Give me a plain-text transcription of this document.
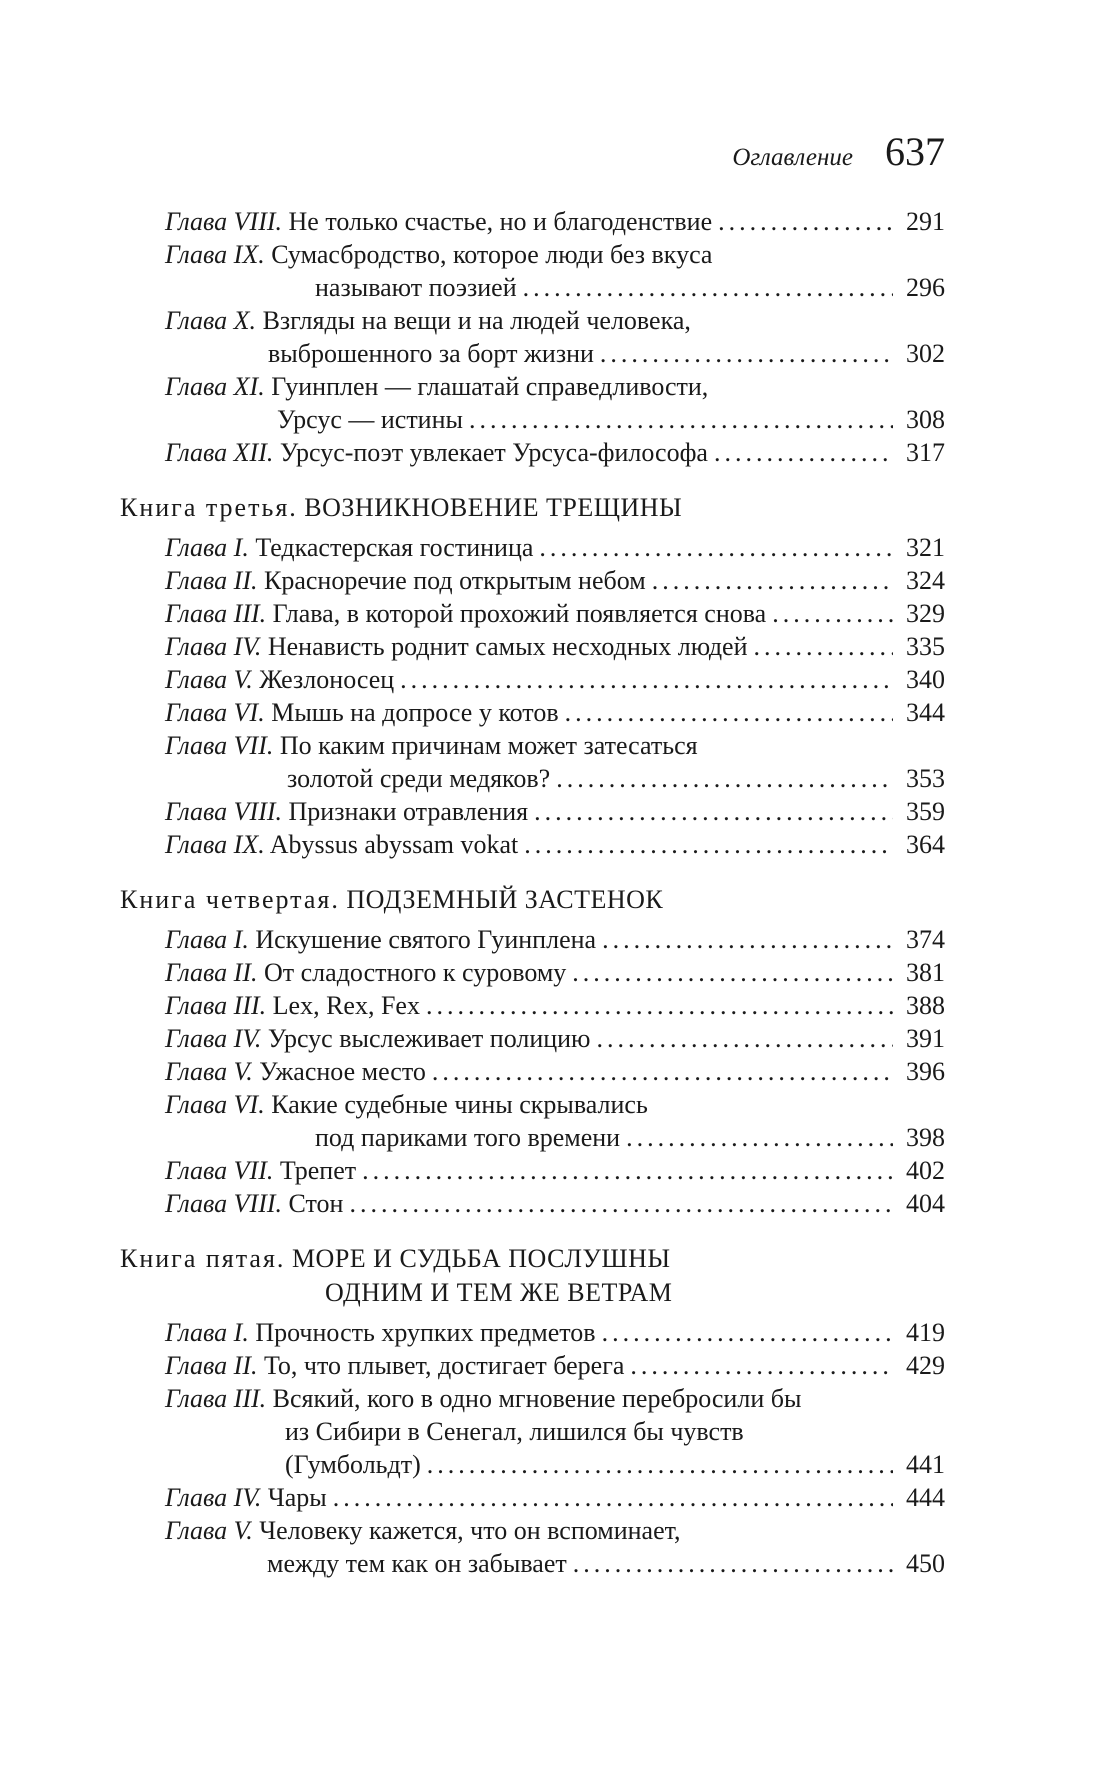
Оглавление 637
Глава VIII. Не только счастье, но и благоденствие .....	291
Глава IX. Сумасбродство, которое люди без вкуса
называют поэзией .....	296
Глава X. Взгляды на вещи и на людей человека,
выброшенного за борт жизни .....	302
Глава XI. Гуинплен — глашатай справедливости,
Урсус — истины .....	308
Глава XII. Урсус-поэт увлекает Урсуса-философа .....	317
Книга третья. ВОЗНИКНОВЕНИЕ ТРЕЩИНЫ
Глава I. Тедкастерская гостиница .....	321
Глава II. Красноречие под открытым небом .....	324
Глава III. Глава, в которой прохожий появляется снова .....	329
Глава IV. Ненависть роднит самых несходных людей .....	335
Глава V. Жезлоносец .....	340
Глава VI. Мышь на допросе у котов .....	344
Глава VII. По каким причинам может затесаться
золотой среди медяков? .....	353
Глава VIII. Признаки отравления .....	359
Глава IX. Abyssus abyssam vokat .....	364
Книга четвертая. ПОДЗЕМНЫЙ ЗАСТЕНОК
Глава I. Искушение святого Гуинплена .....	374
Глава II. От сладостного к суровому .....	381
Глава III. Lex, Rex, Fex .....	388
Глава IV. Урсус выслеживает полицию .....	391
Глава V. Ужасное место .....	396
Глава VI. Какие судебные чины скрывались
под париками того времени .....	398
Глава VII. Трепет .....	402
Глава VIII. Стон .....	404
Книга пятая. МОРЕ И СУДЬБА ПОСЛУШНЫ
ОДНИМ И ТЕМ ЖЕ ВЕТРАМ
Глава I. Прочность хрупких предметов .....	419
Глава II. То, что плывет, достигает берега .....	429
Глава III. Всякий, кого в одно мгновение перебросили бы
из Сибири в Сенегал, лишился бы чувств
(Гумбольдт) .....	441
Глава IV. Чары .....	444
Глава V. Человеку кажется, что он вспоминает,
между тем как он забывает .....	450
